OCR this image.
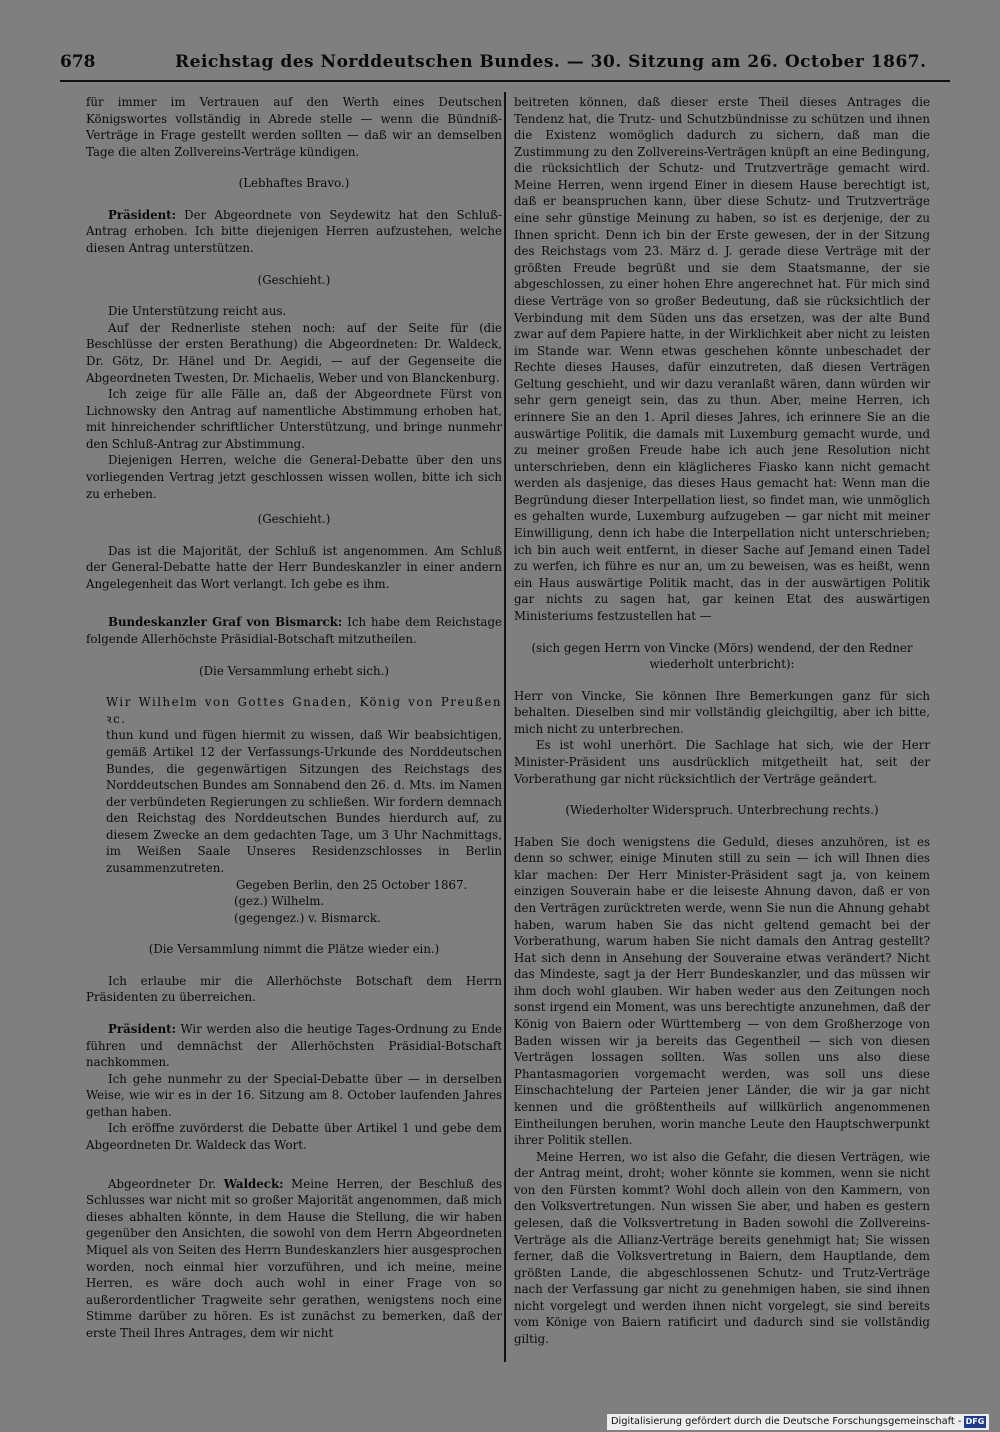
678	Reichstag des Norddeutschen Bundes. — 30. Sitzung am 26. October 1867.

für immer im Vertrauen auf den Werth eines Deutschen Königswortes vollständig in Abrede stelle — wenn die Bündniß-Verträge in Frage gestellt werden sollten — daß wir an demselben Tage die alten Zollvereins-Verträge kündigen.

(Lebhaftes Bravo.)

Präsident: Der Abgeordnete von Seydewitz hat den Schluß-Antrag erhoben. Ich bitte diejenigen Herren aufzustehen, welche diesen Antrag unterstützen.

(Geschieht.)

Die Unterstützung reicht aus.

Auf der Rednerliste stehen noch: auf der Seite für (die Beschlüsse der ersten Berathung) die Abgeordneten: Dr. Waldeck, Dr. Götz, Dr. Hänel und Dr. Aegidi, — auf der Gegenseite die Abgeordneten Twesten, Dr. Michaelis, Weber und von Blanckenburg.

Ich zeige für alle Fälle an, daß der Abgeordnete Fürst von Lichnowsky den Antrag auf namentliche Abstimmung erhoben hat, mit hinreichender schriftlicher Unterstützung, und bringe nunmehr den Schluß-Antrag zur Abstimmung.

Diejenigen Herren, welche die General-Debatte über den uns vorliegenden Vertrag jetzt geschlossen wissen wollen, bitte ich sich zu erheben.

(Geschieht.)

Das ist die Majorität, der Schluß ist angenommen. Am Schluß der General-Debatte hatte der Herr Bundeskanzler in einer andern Angelegenheit das Wort verlangt. Ich gebe es ihm.

Bundeskanzler Graf von Bismarck: Ich habe dem Reichstage folgende Allerhöchste Präsidial-Botschaft mitzutheilen.

(Die Versammlung erhebt sich.)

Wir Wilhelm von Gottes Gnaden, König von Preußen ꝛc.

thun kund und fügen hiermit zu wissen, daß Wir beabsichtigen, gemäß Artikel 12 der Verfassungs-Urkunde des Norddeutschen Bundes, die gegenwärtigen Sitzungen des Reichstags des Norddeutschen Bundes am Sonnabend den 26. d. Mts. im Namen der verbündeten Regierungen zu schließen. Wir fordern demnach den Reichstag des Norddeutschen Bundes hierdurch auf, zu diesem Zwecke an dem gedachten Tage, um 3 Uhr Nachmittags, im Weißen Saale Unseres Residenzschlosses in Berlin zusammenzutreten.

Gegeben Berlin, den 25 October 1867.

(gez.) Wilhelm.

(gegengez.) v. Bismarck.

(Die Versammlung nimmt die Plätze wieder ein.)

Ich erlaube mir die Allerhöchste Botschaft dem Herrn Präsidenten zu überreichen.

Präsident: Wir werden also die heutige Tages-Ordnung zu Ende führen und demnächst der Allerhöchsten Präsidial-Botschaft nachkommen.

Ich gehe nunmehr zu der Special-Debatte über — in derselben Weise, wie wir es in der 16. Sitzung am 8. October laufenden Jahres gethan haben.

Ich eröffne zuvörderst die Debatte über Artikel 1 und gebe dem Abgeordneten Dr. Waldeck das Wort.

Abgeordneter Dr. Waldeck: Meine Herren, der Beschluß des Schlusses war nicht mit so großer Majorität angenommen, daß mich dieses abhalten könnte, in dem Hause die Stellung, die wir haben gegenüber den Ansichten, die sowohl von dem Herrn Abgeordneten Miquel als von Seiten des Herrn Bundeskanzlers hier ausgesprochen worden, noch einmal hier vorzuführen, und ich meine, meine Herren, es wäre doch auch wohl in einer Frage von so außerordentlicher Tragweite sehr gerathen, wenigstens noch eine Stimme darüber zu hören. Es ist zunächst zu bemerken, daß der erste Theil Ihres Antrages, dem wir nicht

beitreten können, daß dieser erste Theil dieses Antrages die Tendenz hat, die Trutz- und Schutzbündnisse zu schützen und ihnen die Existenz womöglich dadurch zu sichern, daß man die Zustimmung zu den Zollvereins-Verträgen knüpft an eine Bedingung, die rücksichtlich der Schutz- und Trutzverträge gemacht wird. Meine Herren, wenn irgend Einer in diesem Hause berechtigt ist, daß er beanspruchen kann, über diese Schutz- und Trutzverträge eine sehr günstige Meinung zu haben, so ist es derjenige, der zu Ihnen spricht. Denn ich bin der Erste gewesen, der in der Sitzung des Reichstags vom 23. März d. J. gerade diese Verträge mit der größten Freude begrüßt und sie dem Staatsmanne, der sie abgeschlossen, zu einer hohen Ehre angerechnet hat. Für mich sind diese Verträge von so großer Bedeutung, daß sie rücksichtlich der Verbindung mit dem Süden uns das ersetzen, was der alte Bund zwar auf dem Papiere hatte, in der Wirklichkeit aber nicht zu leisten im Stande war. Wenn etwas geschehen könnte unbeschadet der Rechte dieses Hauses, dafür einzutreten, daß diesen Verträgen Geltung geschieht, und wir dazu veranlaßt wären, dann würden wir sehr gern geneigt sein, das zu thun. Aber, meine Herren, ich erinnere Sie an den 1. April dieses Jahres, ich erinnere Sie an die auswärtige Politik, die damals mit Luxemburg gemacht wurde, und zu meiner großen Freude habe ich auch jene Resolution nicht unterschrieben, denn ein kläglicheres Fiasko kann nicht gemacht werden als dasjenige, das dieses Haus gemacht hat: Wenn man die Begründung dieser Interpellation liest, so findet man, wie unmöglich es gehalten wurde, Luxemburg aufzugeben — gar nicht mit meiner Einwilligung, denn ich habe die Interpellation nicht unterschrieben; ich bin auch weit entfernt, in dieser Sache auf Jemand einen Tadel zu werfen, ich führe es nur an, um zu beweisen, was es heißt, wenn ein Haus auswärtige Politik macht, das in der auswärtigen Politik gar nichts zu sagen hat, gar keinen Etat des auswärtigen Ministeriums festzustellen hat —

(sich gegen Herrn von Vincke (Mörs) wendend, der den Redner wiederholt unterbricht):

Herr von Vincke, Sie können Ihre Bemerkungen ganz für sich behalten. Dieselben sind mir vollständig gleichgiltig, aber ich bitte, mich nicht zu unterbrechen.

Es ist wohl unerhört. Die Sachlage hat sich, wie der Herr Minister-Präsident uns ausdrücklich mitgetheilt hat, seit der Vorberathung gar nicht rücksichtlich der Verträge geändert.

(Wiederholter Widerspruch. Unterbrechung rechts.)

Haben Sie doch wenigstens die Geduld, dieses anzuhören, ist es denn so schwer, einige Minuten still zu sein — ich will Ihnen dies klar machen: Der Herr Minister-Präsident sagt ja, von keinem einzigen Souverain habe er die leiseste Ahnung davon, daß er von den Verträgen zurücktreten werde, wenn Sie nun die Ahnung gehabt haben, warum haben Sie das nicht geltend gemacht bei der Vorberathung, warum haben Sie nicht damals den Antrag gestellt? Hat sich denn in Ansehung der Souveraine etwas verändert? Nicht das Mindeste, sagt ja der Herr Bundeskanzler, und das müssen wir ihm doch wohl glauben. Wir haben weder aus den Zeitungen noch sonst irgend ein Moment, was uns berechtigte anzunehmen, daß der König von Baiern oder Württemberg — von dem Großherzoge von Baden wissen wir ja bereits das Gegentheil — sich von diesen Verträgen lossagen sollten. Was sollen uns also diese Phantasmagorien vorgemacht werden, was soll uns diese Einschachtelung der Parteien jener Länder, die wir ja gar nicht kennen und die größtentheils auf willkürlich angenommenen Eintheilungen beruhen, worin manche Leute den Hauptschwerpunkt ihrer Politik stellen.

Meine Herren, wo ist also die Gefahr, die diesen Verträgen, wie der Antrag meint, droht; woher könnte sie kommen, wenn sie nicht von den Fürsten kommt? Wohl doch allein von den Kammern, von den Volksvertretungen. Nun wissen Sie aber, und haben es gestern gelesen, daß die Volksvertretung in Baden sowohl die Zollvereins-Verträge als die Allianz-Verträge bereits genehmigt hat; Sie wissen ferner, daß die Volksvertretung in Baiern, dem Hauptlande, dem größten Lande, die abgeschlossenen Schutz- und Trutz-Verträge nach der Verfassung gar nicht zu genehmigen haben, sie sind ihnen nicht vorgelegt und werden ihnen nicht vorgelegt, sie sind bereits vom Könige von Baiern ratificirt und dadurch sind sie vollständig giltig.

Digitalisierung gefördert durch die Deutsche Forschungsgemeinschaft - DFG
